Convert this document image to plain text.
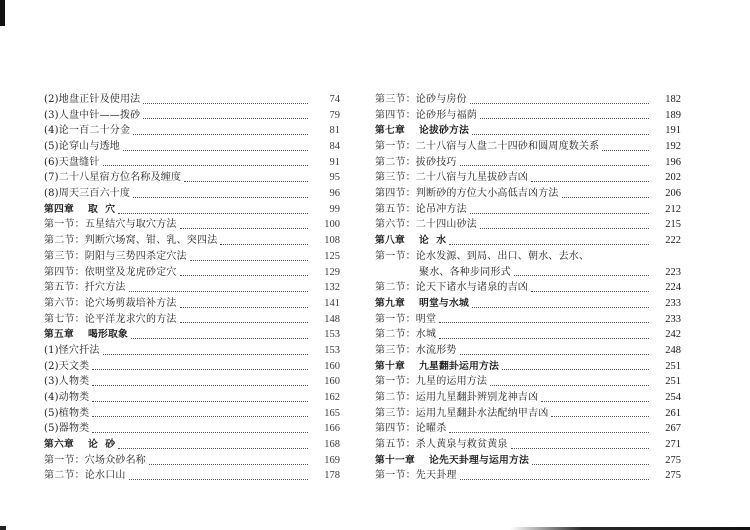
(2)地盘正针及使用法	74
(3)人盘中针——拨砂	79
(4)论一百二十分金	81
(5)论穿山与透地	84
(6)天盘缝针	91
(7)二十八星宿方位名称及缠度	95
(8)周天三百六十度	96
第四章 取  穴	99
第一节：五星结穴与取穴方法	100
第二节：判断穴场窝、钳、乳、突四法	108
第三节：阴阳与三势四杀定穴法	125
第四节：依明堂及龙虎砂定穴	129
第五节：扦穴方法	132
第六节：论穴场剪裁培补方法	141
第七节：论平洋龙求穴的方法	148
第五章 喝形取象	153
(1)怪穴扦法	153
(2)天文类	160
(3)人物类	160
(4)动物类	162
(5)植物类	165
(5)器物类	166
第六章 论  砂	168
第一节：穴场众砂名称	169
第二节：论水口山	178
第三节：论砂与房份	182
第四节：论砂形与福荫	189
第七章 论拔砂方法	191
第一节：二十八宿与人盘二十四砂和圆周度数关系	192
第二节：拔砂技巧	196
第三节：二十八宿与九星拔砂吉凶	202
第四节：判断砂的方位大小高低吉凶方法	206
第五节：论吊冲方法	212
第六节：二十四山砂法	215
第八章 论  水	222
第一节：论水发源、到局、出口、朝水、去水、
聚水、各种步同形式	223
第二节：论天下诸水与诸泉的吉凶	224
第九章 明堂与水城	233
第一节：明堂	233
第二节：水城	242
第三节：水流形势	248
第十章 九星翻卦运用方法	251
第一节：九星的运用方法	251
第二节：运用九星翻卦辨别龙神吉凶	254
第三节：运用九星翻卦水法配纳甲吉凶	261
第四节：论曜杀	267
第五节：杀人黄泉与救贫黄泉	271
第十一章 论先天卦理与运用方法	275
第一节：先天卦理	275
